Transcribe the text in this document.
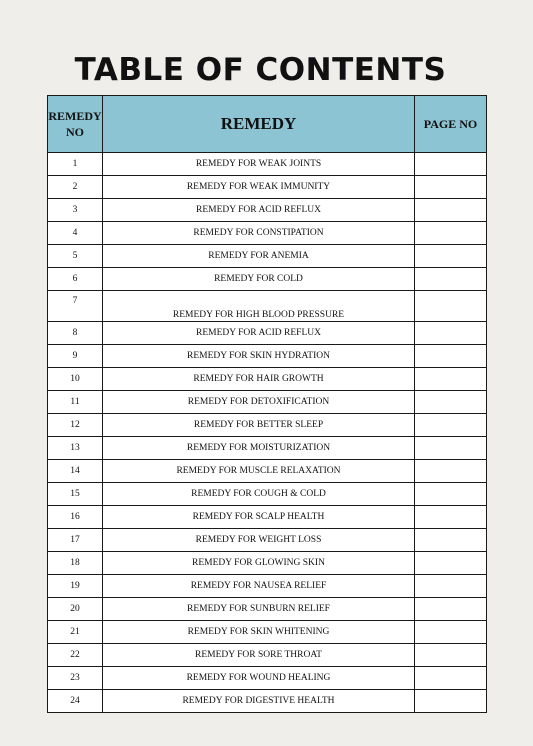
TABLE OF CONTENTS
REMEDY NO	REMEDY	PAGE NO
1	REMEDY FOR WEAK JOINTS	
2	REMEDY FOR WEAK IMMUNITY	
3	REMEDY FOR ACID REFLUX	
4	REMEDY FOR CONSTIPATION	
5	REMEDY FOR ANEMIA	
6	REMEDY FOR COLD	
7	REMEDY FOR HIGH BLOOD PRESSURE	
8	REMEDY FOR ACID REFLUX	
9	REMEDY FOR SKIN HYDRATION	
10	REMEDY FOR HAIR GROWTH	
11	REMEDY FOR DETOXIFICATION	
12	REMEDY FOR BETTER SLEEP	
13	REMEDY FOR MOISTURIZATION	
14	REMEDY FOR MUSCLE RELAXATION	
15	REMEDY FOR COUGH & COLD	
16	REMEDY FOR SCALP HEALTH	
17	REMEDY FOR WEIGHT LOSS	
18	REMEDY FOR GLOWING SKIN	
19	REMEDY FOR NAUSEA RELIEF	
20	REMEDY FOR SUNBURN RELIEF	
21	REMEDY FOR SKIN WHITENING	
22	REMEDY FOR SORE THROAT	
23	REMEDY FOR WOUND HEALING	
24	REMEDY FOR DIGESTIVE HEALTH	
